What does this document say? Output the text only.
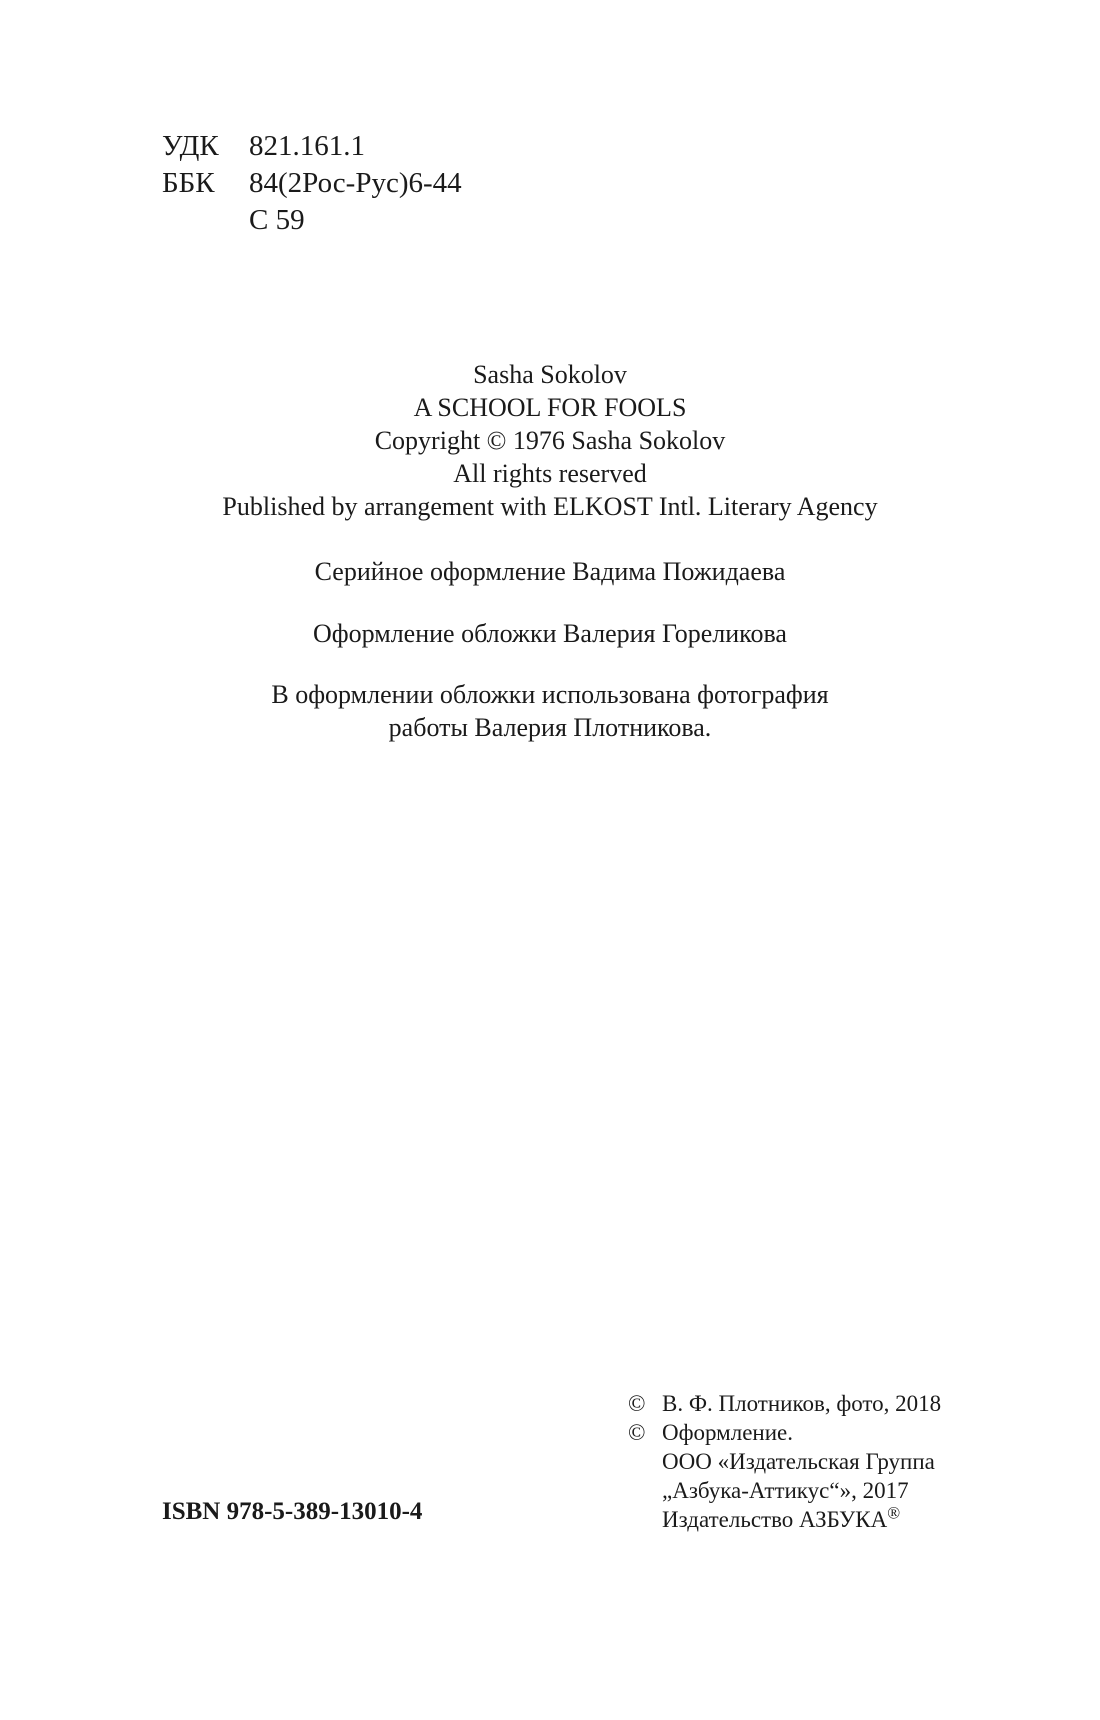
УДК	821.161.1
ББК	84(2Рос-Рус)6-44
С 59
Sasha Sokolov
A SCHOOL FOR FOOLS
Copyright © 1976 Sasha Sokolov
All rights reserved
Published by arrangement with ELKOST Intl. Literary Agency
Серийное оформление Вадима Пожидаева
Оформление обложки Валерия Гореликова
В оформлении обложки использована фотография
работы Валерия Плотникова.
ISBN 978-5-389-13010-4
© В. Ф. Плотников, фото, 2018
© Оформление.
ООО «Издательская Группа
„Азбука-Аттикус“», 2017
Издательство АЗБУКА®
